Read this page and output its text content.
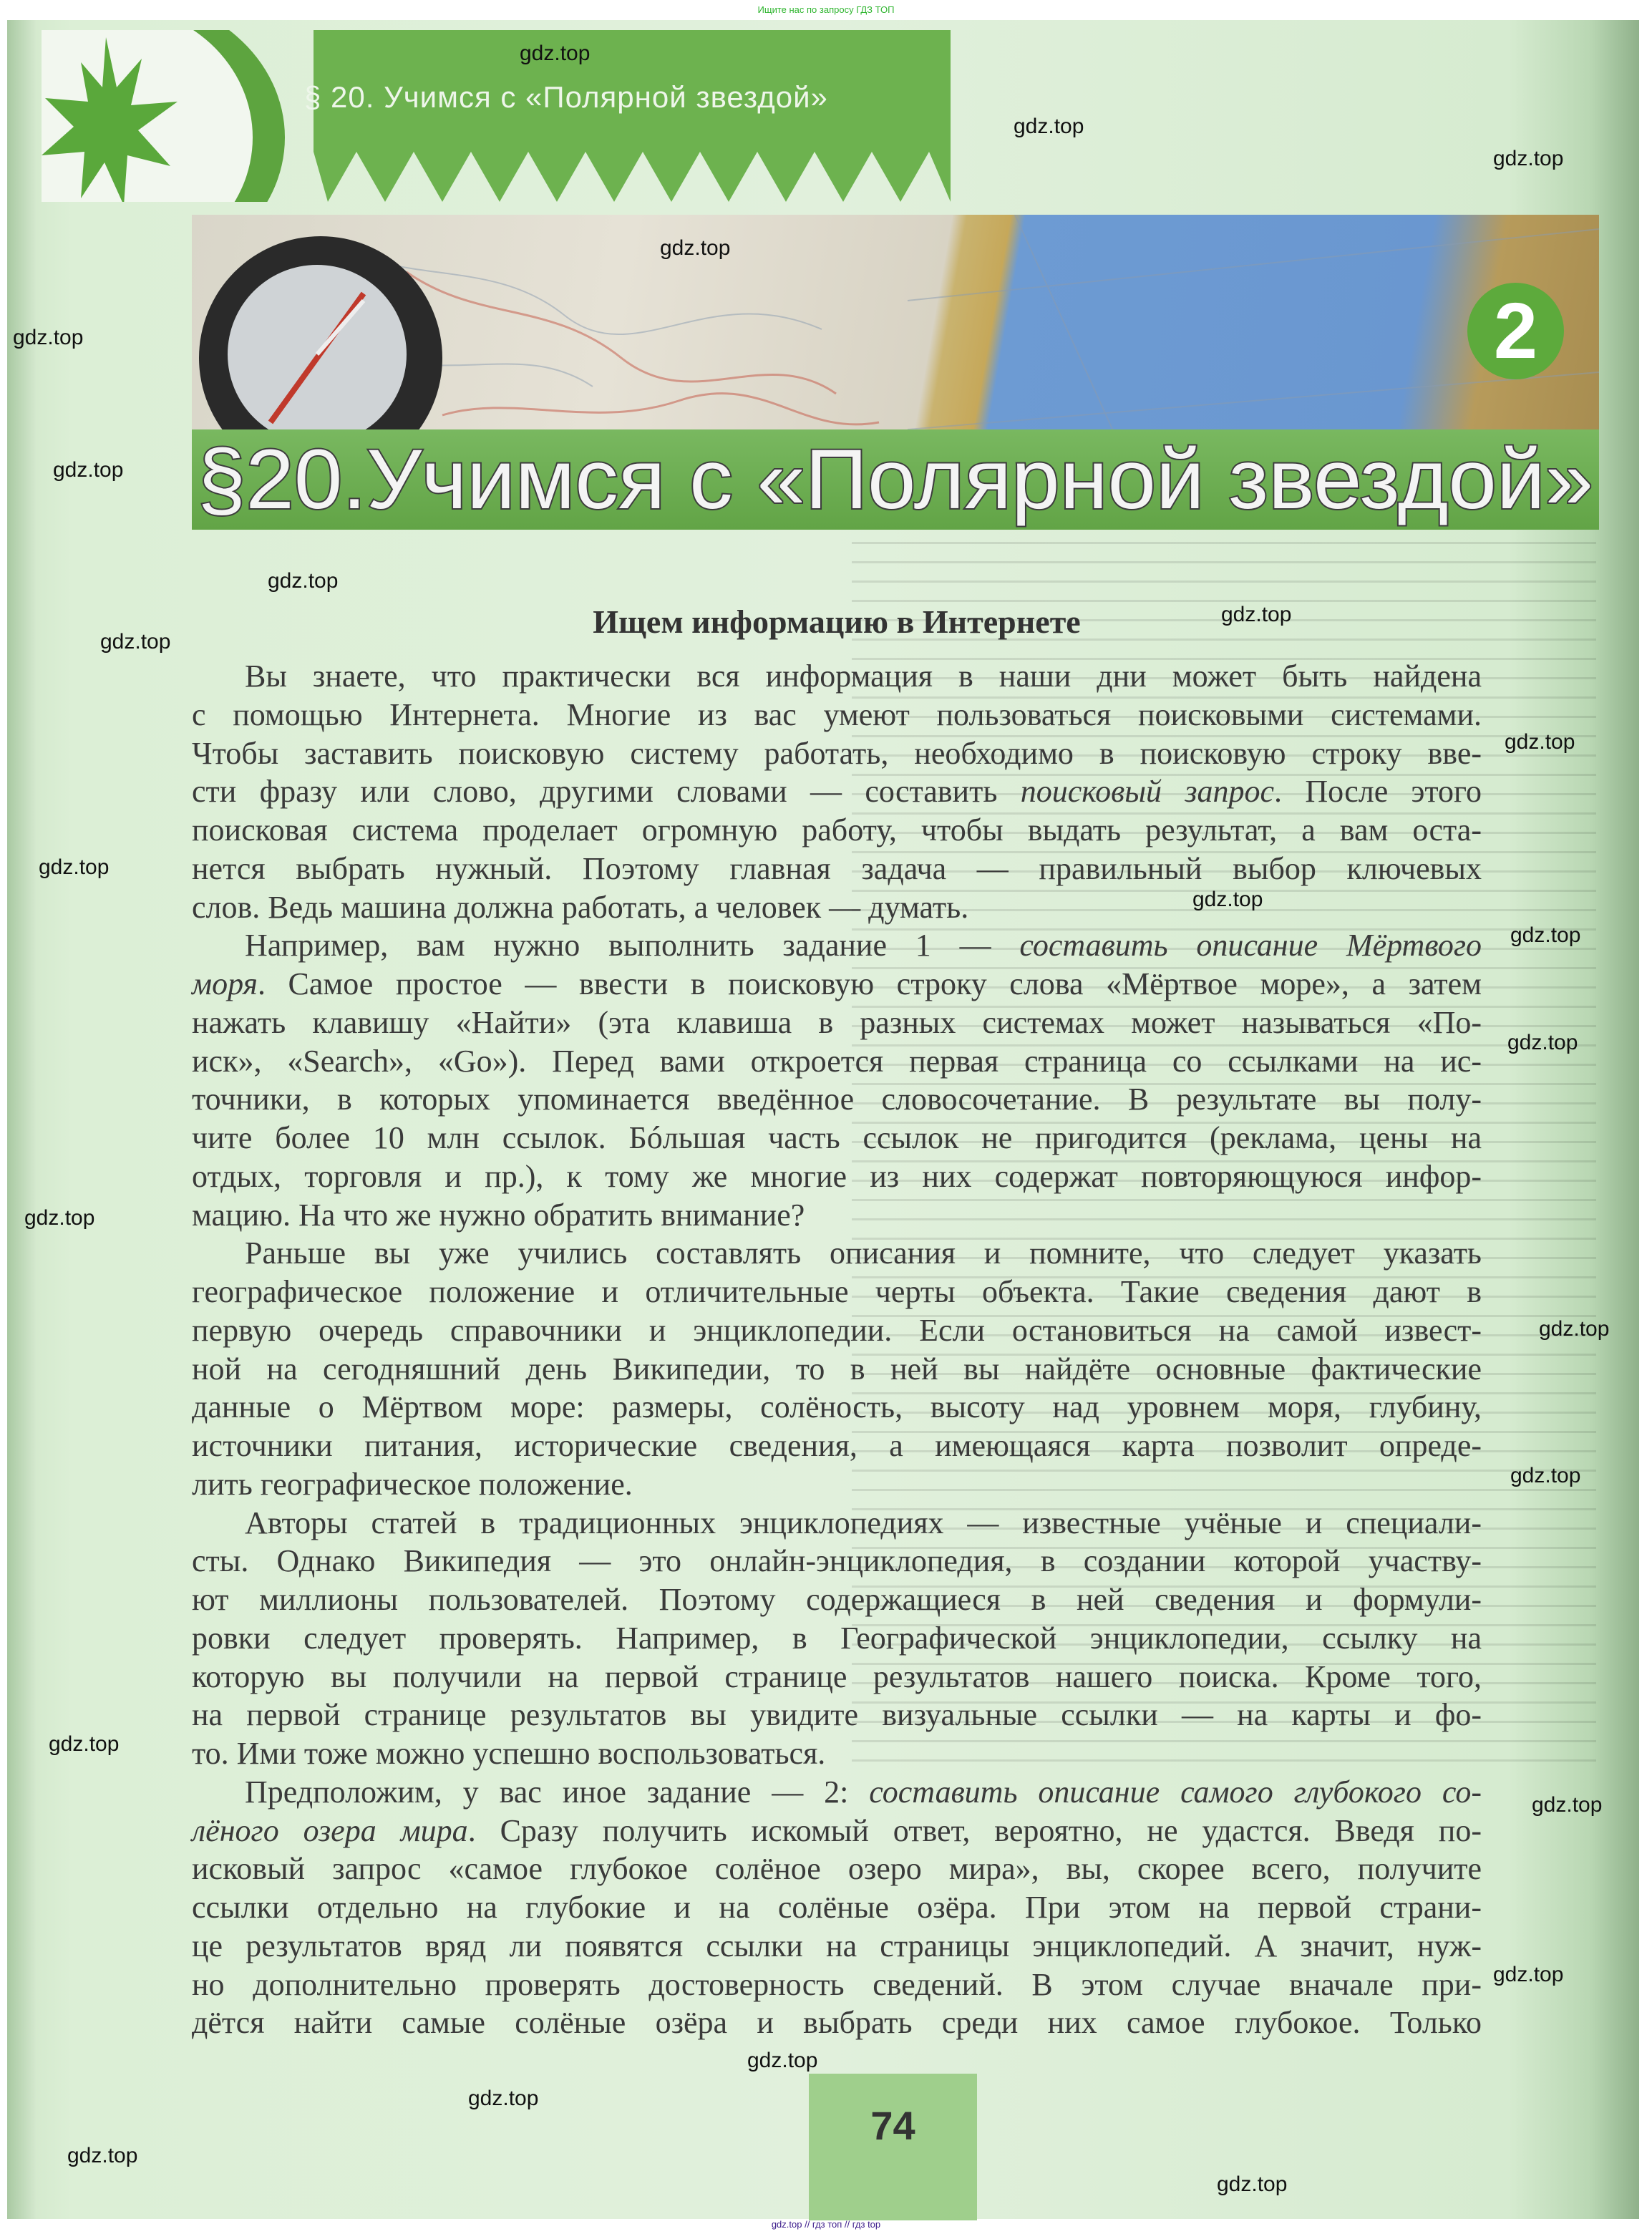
Ищите нас по запросу ГДЗ ТОП
§ 20. Учимся с «Полярной звездой»
§20.Учимся с «Полярной звездой»
2
Ищем информацию в Интернете
Вы знаете, что практически вся информация в наши дни может быть найдена
с помощью Интернета. Многие из вас умеют пользоваться поисковыми системами.
Чтобы заставить поисковую систему работать, необходимо в поисковую строку вве-
сти фразу или слово, другими словами — составить поисковый запрос. После этого
поисковая система проделает огромную работу, чтобы выдать результат, а вам оста-
нется выбрать нужный. Поэтому главная задача — правильный выбор ключевых
слов. Ведь машина должна работать, а человек — думать.
Например, вам нужно выполнить задание 1 — составить описание Мёртвого
моря. Самое простое — ввести в поисковую строку слова «Мёртвое море», а затем
нажать клавишу «Найти» (эта клавиша в разных системах может называться «По-
иск», «Search», «Go»). Перед вами откроется первая страница со ссылками на ис-
точники, в которых упоминается введённое словосочетание. В результате вы полу-
чите более 10 млн ссылок. Бóльшая часть ссылок не пригодится (реклама, цены на
отдых, торговля и пр.), к тому же многие из них содержат повторяющуюся инфор-
мацию. На что же нужно обратить внимание?
Раньше вы уже учились составлять описания и помните, что следует указать
географическое положение и отличительные черты объекта. Такие сведения дают в
первую очередь справочники и энциклопедии. Если остановиться на самой извест-
ной на сегодняшний день Википедии, то в ней вы найдёте основные фактические
данные о Мёртвом море: размеры, солёность, высоту над уровнем моря, глубину,
источники питания, исторические сведения, а имеющаяся карта позволит опреде-
лить географическое положение.
Авторы статей в традиционных энциклопедиях — известные учёные и специали-
сты. Однако Википедия — это онлайн-энциклопедия, в создании которой участву-
ют миллионы пользователей. Поэтому содержащиеся в ней сведения и формули-
ровки следует проверять. Например, в Географической энциклопедии, ссылку на
которую вы получили на первой странице результатов нашего поиска. Кроме того,
на первой странице результатов вы увидите визуальные ссылки — на карты и фо-
то. Ими тоже можно успешно воспользоваться.
Предположим, у вас иное задание — 2: составить описание самого глубокого со-
лёного озера мира. Сразу получить искомый ответ, вероятно, не удастся. Введя по-
исковый запрос «самое глубокое солёное озеро мира», вы, скорее всего, получите
ссылки отдельно на глубокие и на солёные озёра. При этом на первой страни-
це результатов вряд ли появятся ссылки на страницы энциклопедий. А значит, нуж-
но дополнительно проверять достоверность сведений. В этом случае вначале при-
дётся найти самые солёные озёра и выбрать среди них самое глубокое. Только
74
gdz.top
gdz.top
gdz.top
gdz.top
gdz.top
gdz.top
gdz.top
gdz.top
gdz.top
gdz.top
gdz.top
gdz.top
gdz.top
gdz.top
gdz.top
gdz.top
gdz.top
gdz.top
gdz.top
gdz.top
gdz.top
gdz.top
gdz.top
gdz.top
gdz.top // гдз топ // гдз top
